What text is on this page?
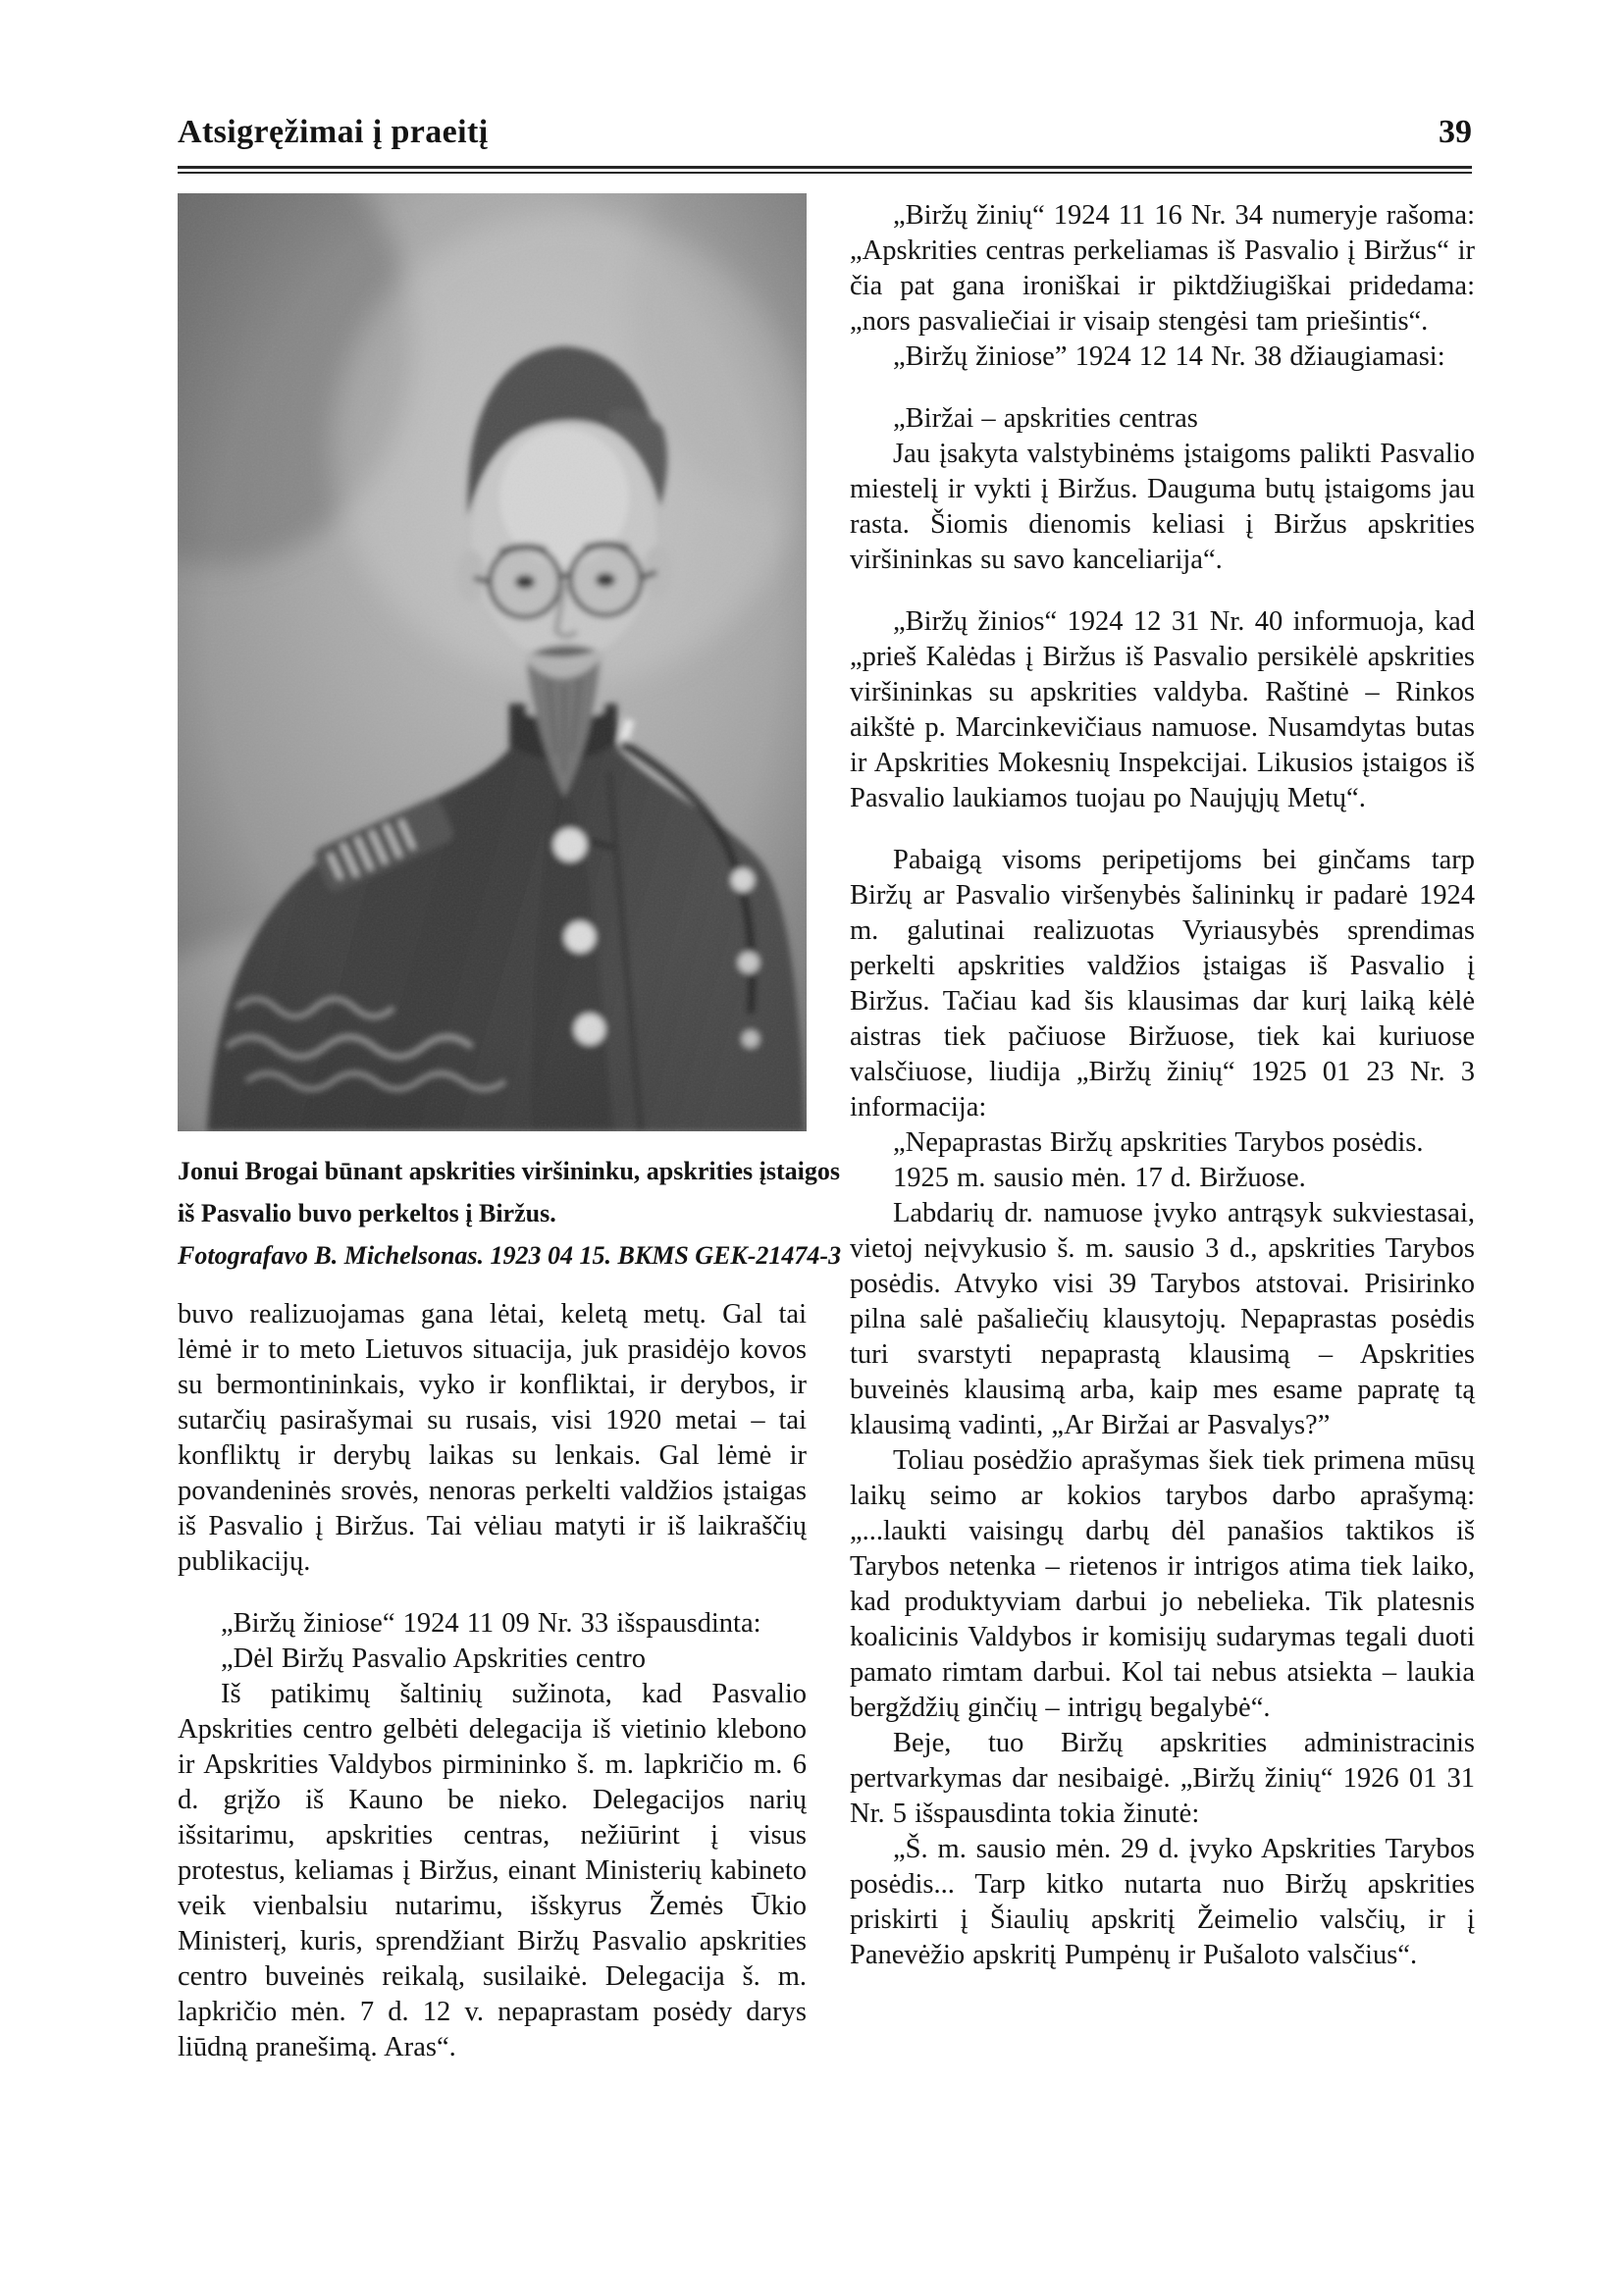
Atsigręžimai į praeitį	39
Jonui Brogai būnant apskrities viršininku, apskrities įstaigos
iš Pasvalio buvo perkeltos į Biržus.
Fotografavo B. Michelsonas. 1923 04 15. BKMS GEK-21474-3

buvo realizuojamas gana lėtai, keletą metų. Gal tai lėmė ir to meto Lietuvos situacija, juk prasidėjo kovos su bermontininkais, vyko ir konfliktai, ir derybos, ir sutarčių pasirašymai su rusais, visi 1920 metai – tai konfliktų ir derybų laikas su lenkais. Gal lėmė ir povandeninės srovės, nenoras perkelti valdžios įstaigas iš Pasvalio į Biržus. Tai vėliau matyti ir iš laikraščių publikacijų.

„Biržų žiniose“ 1924 11 09 Nr. 33 išspausdinta:

„Dėl Biržų Pasvalio Apskrities centro

Iš patikimų šaltinių sužinota, kad Pasvalio Apskrities centro gelbėti delegacija iš vietinio klebono ir Apskrities Valdybos pirmininko š. m. lapkričio m. 6 d. grįžo iš Kauno be nieko. Delegacijos narių išsitarimu, apskrities centras, nežiūrint į visus protestus, keliamas į Biržus, einant Ministerių kabineto veik vienbalsiu nutarimu, išskyrus Žemės Ūkio Ministerį, kuris, sprendžiant Biržų Pasvalio apskrities centro buveinės reikalą, susilaikė. Delegacija š. m. lapkričio mėn. 7 d. 12 v. nepaprastam posėdy darys liūdną pranešimą. Aras“.

„Biržų žinių“ 1924 11 16 Nr. 34 numeryje rašoma: „Apskrities centras perkeliamas iš Pasvalio į Biržus“ ir čia pat gana ironiškai ir piktdžiugiškai pridedama: „nors pasvaliečiai ir visaip stengėsi tam priešintis“.

„Biržų žiniose” 1924 12 14 Nr. 38 džiaugiamasi:

„Biržai – apskrities centras

Jau įsakyta valstybinėms įstaigoms palikti Pasvalio miestelį ir vykti į Biržus. Dauguma butų įstaigoms jau rasta. Šiomis dienomis keliasi į Biržus apskrities viršininkas su savo kanceliarija“.

„Biržų žinios“ 1924 12 31 Nr. 40 informuoja, kad „prieš Kalėdas į Biržus iš Pasvalio persikėlė apskrities viršininkas su apskrities valdyba. Raštinė – Rinkos aikštė p. Marcinkevičiaus namuose. Nusamdytas butas ir Apskrities Mokesnių Inspekcijai. Likusios įstaigos iš Pasvalio laukiamos tuojau po Naujųjų Metų“.

Pabaigą visoms peripetijoms bei ginčams tarp Biržų ar Pasvalio viršenybės šalininkų ir padarė 1924 m. galutinai realizuotas Vyriausybės sprendimas perkelti apskrities valdžios įstaigas iš Pasvalio į Biržus. Tačiau kad šis klausimas dar kurį laiką kėlė aistras tiek pačiuose Biržuose, tiek kai kuriuose valsčiuose, liudija „Biržų žinių“ 1925 01 23 Nr. 3 informacija:

„Nepaprastas Biržų apskrities Tarybos posėdis.

1925 m. sausio mėn. 17 d. Biržuose.

Labdarių dr. namuose įvyko antrąsyk sukviestasai, vietoj neįvykusio š. m. sausio 3 d., apskrities Tarybos posėdis. Atvyko visi 39 Tarybos atstovai. Prisirinko pilna salė pašaliečių klausytojų. Nepaprastas posėdis turi svarstyti nepaprastą klausimą – Apskrities buveinės klausimą arba, kaip mes esame papratę tą klausimą vadinti, „Ar Biržai ar Pasvalys?”

Toliau posėdžio aprašymas šiek tiek primena mūsų laikų seimo ar kokios tarybos darbo aprašymą: „...laukti vaisingų darbų dėl panašios taktikos iš Tarybos netenka – rietenos ir intrigos atima tiek laiko, kad produktyviam darbui jo nebelieka. Tik platesnis koalicinis Valdybos ir komisijų sudarymas tegali duoti pamato rimtam darbui. Kol tai nebus atsiekta – laukia bergždžių ginčių – intrigų begalybė“.

Beje, tuo Biržų apskrities administracinis pertvarkymas dar nesibaigė. „Biržų žinių“ 1926 01 31 Nr. 5 išspausdinta tokia žinutė:

„Š. m. sausio mėn. 29 d. įvyko Apskrities Tarybos posėdis... Tarp kitko nutarta nuo Biržų apskrities priskirti į Šiaulių apskritį Žeimelio valsčių, ir į Panevėžio apskritį Pumpėnų ir Pušaloto valsčius“.
